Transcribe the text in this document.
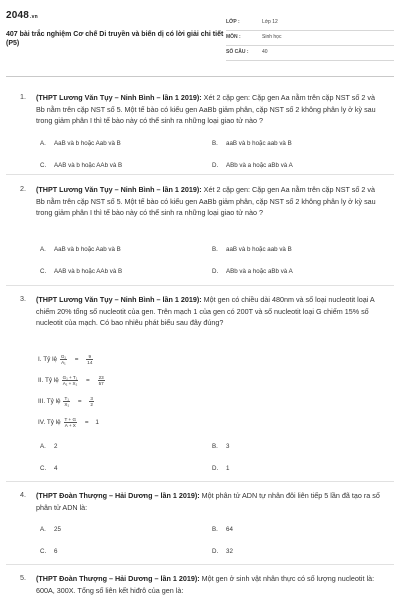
2048.vn
407 bài trắc nghiệm Cơ chế Di truyền và biến dị có lời giải chi tiết (P5)
LỚP :	Lớp 12
MÔN :	Sinh học
SỐ CÂU :	40
1. (THPT Lương Văn Tụy – Ninh Bình – lần 1 2019): Xét 2 cặp gen: Cặp gen Aa nằm trên cặp NST số 2 và Bb nằm trên cặp NST số 5. Một tế bào có kiểu gen AaBb giảm phân, cặp NST số 2 không phân ly ở kỳ sau trong giảm phân I thì tế bào này có thể sinh ra những loại giao tử nào ?
A. AaB và b hoặc Aab và B	B. aaB và b hoặc aab và B
C. AAB và b hoặc AAb và B	D. ABb và a hoặc aBb và A
2. (THPT Lương Văn Tụy – Ninh Bình – lần 1 2019): Xét 2 cặp gen: Cặp gen Aa nằm trên cặp NST số 2 và Bb nằm trên cặp NST số 5. Một tế bào có kiểu gen AaBb giảm phân, cặp NST số 2 không phân ly ở kỳ sau trong giảm phân I thì tế bào này có thể sinh ra những loại giao tử nào ?
A. AaB và b hoặc Aab và B	B. aaB và b hoặc aab và B
C. AAB và b hoặc AAb và B	D. ABb và a hoặc aBb và A
3. (THPT Lương Văn Tụy – Ninh Bình – lần 1 2019): Một gen có chiều dài 480nm và số loại nucleotit loại A chiếm 20% tổng số nucleotit của gen. Trên mạch 1 của gen có 200T và số nucleotit loại G chiếm 15% số nucleotit của mạch. Có bao nhiêu phát biểu sau đây đúng?
I. Tỷ lệ $\frac{\text{G₁}}{\text{A₁}} = \frac{9}{14}$
II. Tỷ lệ $\frac{\text{G₁ + T₁}}{\text{A₁ + X₁}} = \frac{23}{57}$
III. Tỷ lệ $\frac{\text{T₁}}{\text{X₁}} = \frac{3}{2}$
IV. Tỷ lệ $\frac{T + G}{A + X} = 1$
A. 2	B. 3
C. 4	D. 1
4. (THPT Đoàn Thượng – Hải Dương – lần 1 2019): Một phân tử ADN tự nhân đôi liên tiếp 5 lần đã tạo ra số phân tử ADN là:
A. 25	B. 64
C. 6	D. 32
5. (THPT Đoàn Thượng – Hải Dương – lần 1 2019): Một gen ở sinh vật nhân thực có số lượng nucleotit là: 600A, 300X. Tổng số liên kết hiđrô của gen là:
